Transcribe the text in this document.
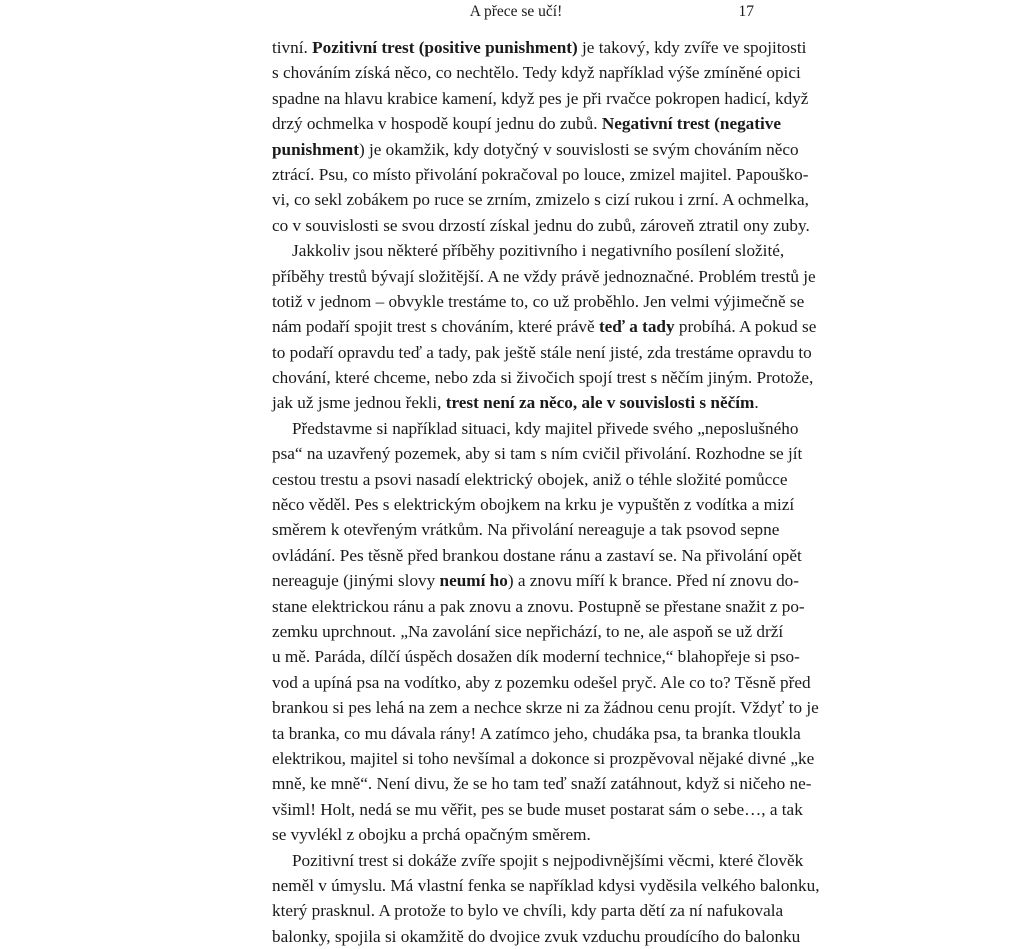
A přece se učí!	17
tivní. Pozitivní trest (positive punishment) je takový, kdy zvíře ve spojitosti
s chováním získá něco, co nechtělo. Tedy když například výše zmíněné opici
spadne na hlavu krabice kamení, když pes je při rvačce pokropen hadicí, když
drzý ochmelka v hospodě koupí jednu do zubů. Negativní trest (negative
punishment) je okamžik, kdy dotyčný v souvislosti se svým chováním něco
ztrácí. Psu, co místo přivolání pokračoval po louce, zmizel majitel. Papouško-
vi, co sekl zobákem po ruce se zrním, zmizelo s cizí rukou i zrní. A ochmelka,
co v souvislosti se svou drzostí získal jednu do zubů, zároveň ztratil ony zuby.
Jakkoliv jsou některé příběhy pozitivního i negativního posílení složité,
příběhy trestů bývají složitější. A ne vždy právě jednoznačné. Problém trestů je
totiž v jednom – obvykle trestáme to, co už proběhlo. Jen velmi výjimečně se
nám podaří spojit trest s chováním, které právě teď a tady probíhá. A pokud se
to podaří opravdu teď a tady, pak ještě stále není jisté, zda trestáme opravdu to
chování, které chceme, nebo zda si živočich spojí trest s něčím jiným. Protože,
jak už jsme jednou řekli, trest není za něco, ale v souvislosti s něčím.
Představme si například situaci, kdy majitel přivede svého „neposlušného
psa“ na uzavřený pozemek, aby si tam s ním cvičil přivolání. Rozhodne se jít
cestou trestu a psovi nasadí elektrický obojek, aniž o téhle složité pomůcce
něco věděl. Pes s elektrickým obojkem na krku je vypuštěn z vodítka a mizí
směrem k otevřeným vrátkům. Na přivolání nereaguje a tak psovod sepne
ovládání. Pes těsně před brankou dostane ránu a zastaví se. Na přivolání opět
nereaguje (jinými slovy neumí ho) a znovu míří k brance. Před ní znovu do-
stane elektrickou ránu a pak znovu a znovu. Postupně se přestane snažit z po-
zemku uprchnout. „Na zavolání sice nepřichází, to ne, ale aspoň se už drží
u mě. Paráda, dílčí úspěch dosažen dík moderní technice,“ blahopřeje si pso-
vod a upíná psa na vodítko, aby z pozemku odešel pryč. Ale co to? Těsně před
brankou si pes lehá na zem a nechce skrze ni za žádnou cenu projít. Vždyť to je
ta branka, co mu dávala rány! A zatímco jeho, chudáka psa, ta branka tloukla
elektrikou, majitel si toho nevšímal a dokonce si prozpěvoval nějaké divné „ke
mně, ke mně“. Není divu, že se ho tam teď snaží zatáhnout, když si ničeho ne-
všiml! Holt, nedá se mu věřit, pes se bude muset postarat sám o sebe…, a tak
se vyvlékl z obojku a prchá opačným směrem.
Pozitivní trest si dokáže zvíře spojit s nejpodivnějšími věcmi, které člověk
neměl v úmyslu. Má vlastní fenka se například kdysi vyděsila velkého balonku,
který prasknul. A protože to bylo ve chvíli, kdy parta dětí za ní nafukovala
balonky, spojila si okamžitě do dvojice zvuk vzduchu proudícího do balonku
